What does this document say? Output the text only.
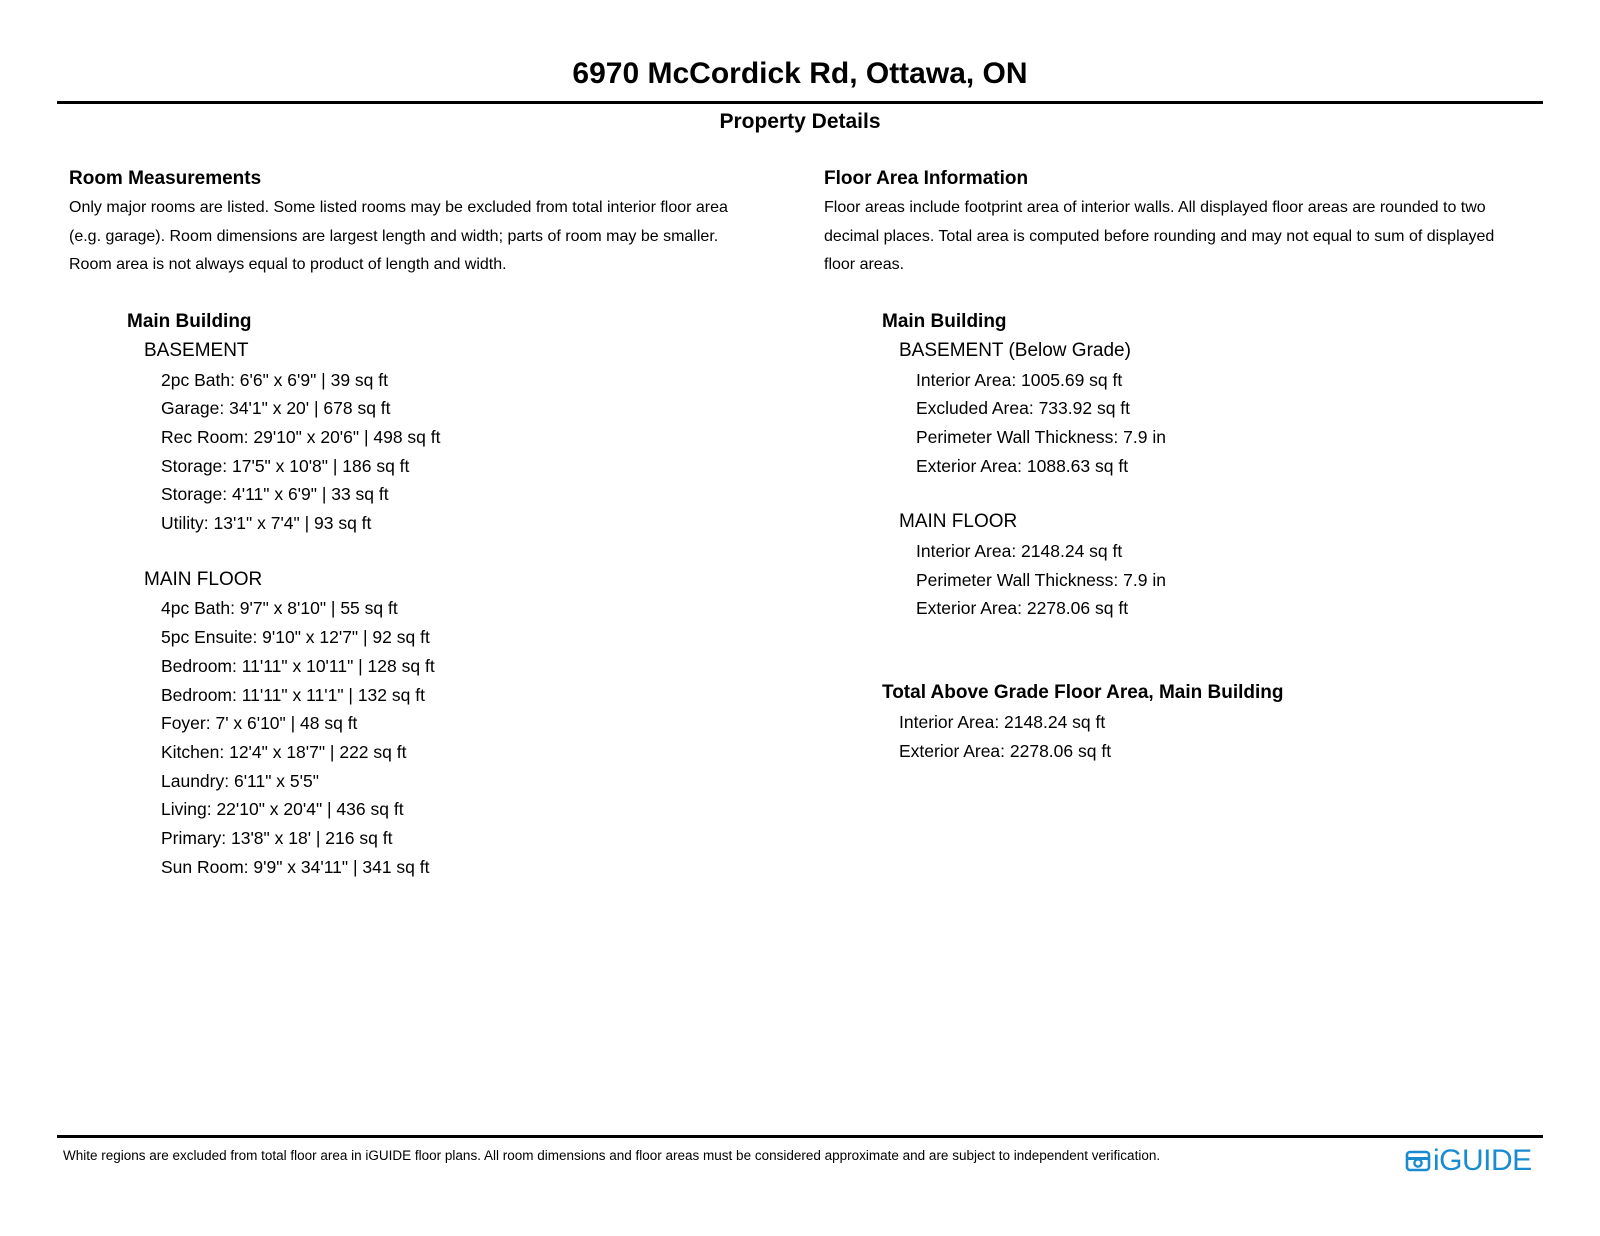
6970 McCordick Rd, Ottawa, ON
Property Details
Room Measurements
Only major rooms are listed. Some listed rooms may be excluded from total interior floor area
(e.g. garage). Room dimensions are largest length and width; parts of room may be smaller.
Room area is not always equal to product of length and width.
Main Building
BASEMENT
2pc Bath: 6'6" x 6'9" | 39 sq ft
Garage: 34'1" x 20' | 678 sq ft
Rec Room: 29'10" x 20'6" | 498 sq ft
Storage: 17'5" x 10'8" | 186 sq ft
Storage: 4'11" x 6'9" | 33 sq ft
Utility: 13'1" x 7'4" | 93 sq ft
MAIN FLOOR
4pc Bath: 9'7" x 8'10" | 55 sq ft
5pc Ensuite: 9'10" x 12'7" | 92 sq ft
Bedroom: 11'11" x 10'11" | 128 sq ft
Bedroom: 11'11" x 11'1" | 132 sq ft
Foyer: 7' x 6'10" | 48 sq ft
Kitchen: 12'4" x 18'7" | 222 sq ft
Laundry: 6'11" x 5'5"
Living: 22'10" x 20'4" | 436 sq ft
Primary: 13'8" x 18' | 216 sq ft
Sun Room: 9'9" x 34'11" | 341 sq ft
Floor Area Information
Floor areas include footprint area of interior walls. All displayed floor areas are rounded to two
decimal places. Total area is computed before rounding and may not equal to sum of displayed
floor areas.
Main Building
BASEMENT (Below Grade)
Interior Area: 1005.69 sq ft
Excluded Area: 733.92 sq ft
Perimeter Wall Thickness: 7.9 in
Exterior Area: 1088.63 sq ft
MAIN FLOOR
Interior Area: 2148.24 sq ft
Perimeter Wall Thickness: 7.9 in
Exterior Area: 2278.06 sq ft
Total Above Grade Floor Area, Main Building
Interior Area: 2148.24 sq ft
Exterior Area: 2278.06 sq ft
White regions are excluded from total floor area in iGUIDE floor plans. All room dimensions and floor areas must be considered approximate and are subject to independent verification.	iGUIDE
